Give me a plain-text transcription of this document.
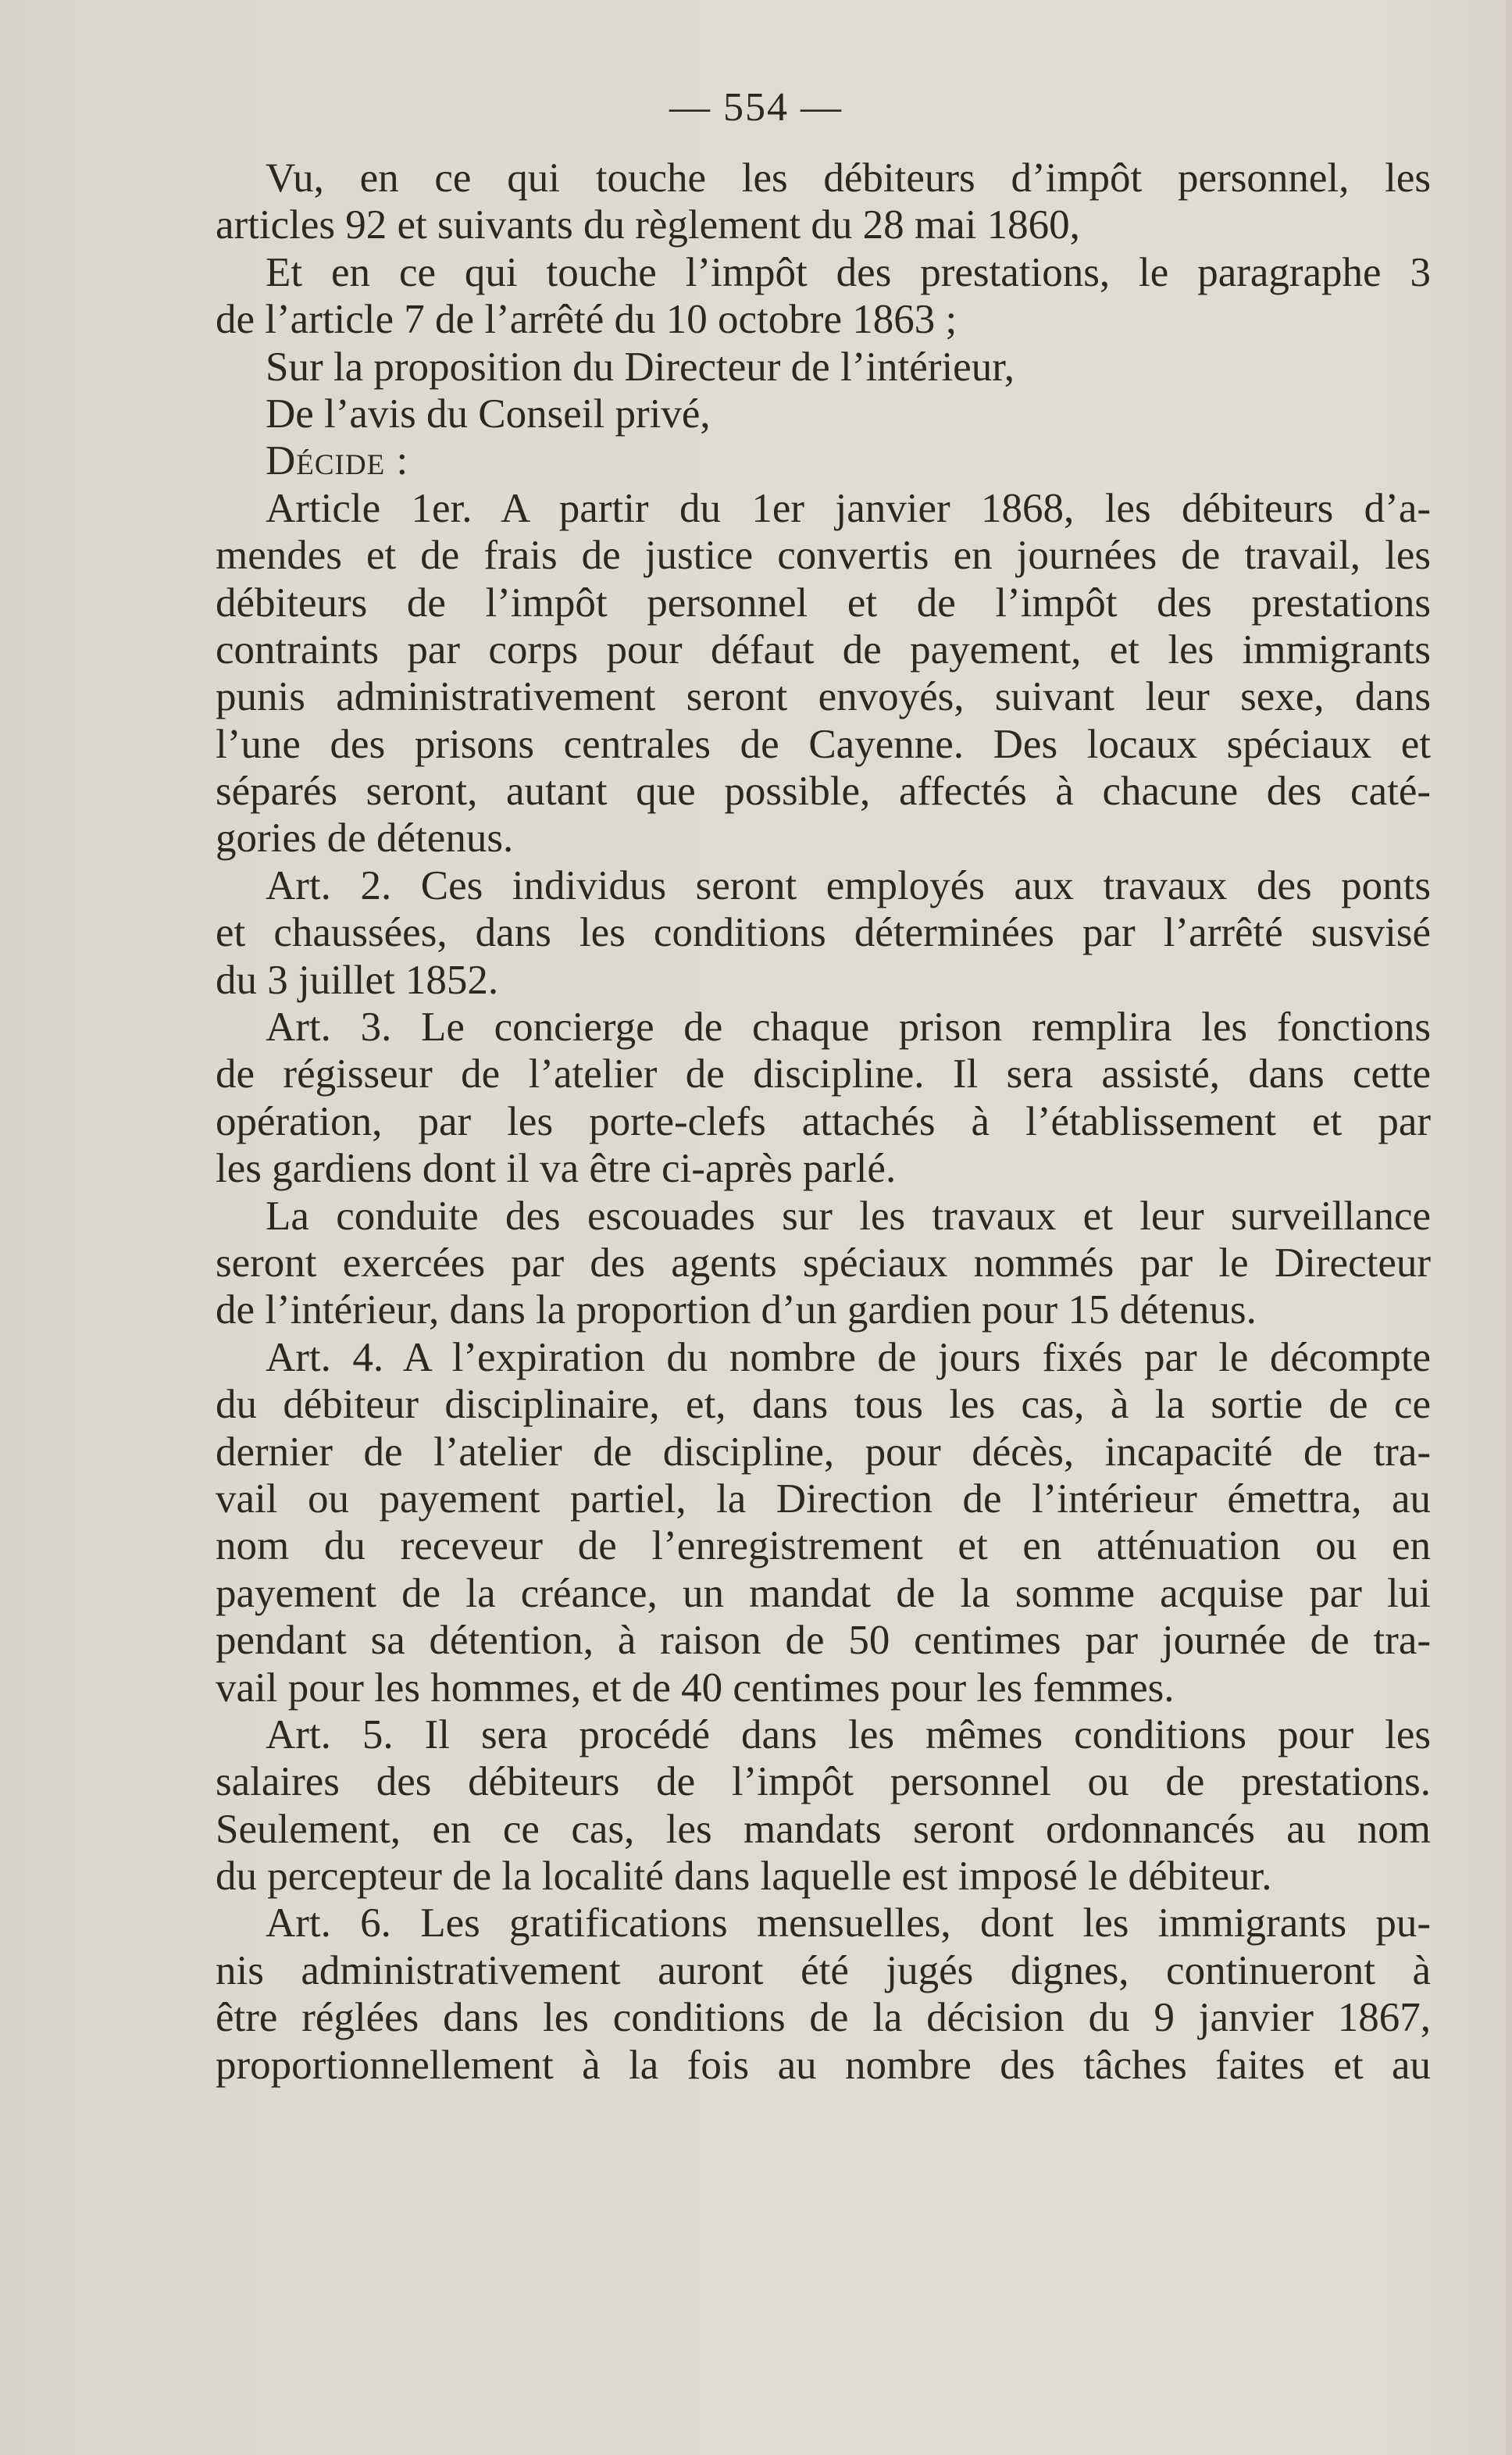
— 554 —
Vu, en ce qui touche les débiteurs d’impôt personnel, les
articles 92 et suivants du règlement du 28 mai 1860,
Et en ce qui touche l’impôt des prestations, le paragraphe 3
de l’article 7 de l’arrêté du 10 octobre 1863 ;
Sur la proposition du Directeur de l’intérieur,
De l’avis du Conseil privé,
Décide :
Article 1er. A partir du 1er janvier 1868, les débiteurs d’a-
mendes et de frais de justice convertis en journées de travail, les
débiteurs de l’impôt personnel et de l’impôt des prestations
contraints par corps pour défaut de payement, et les immigrants
punis administrativement seront envoyés, suivant leur sexe, dans
l’une des prisons centrales de Cayenne. Des locaux spéciaux et
séparés seront, autant que possible, affectés à chacune des caté-
gories de détenus.
Art. 2. Ces individus seront employés aux travaux des ponts
et chaussées, dans les conditions déterminées par l’arrêté susvisé
du 3 juillet 1852.
Art. 3. Le concierge de chaque prison remplira les fonctions
de régisseur de l’atelier de discipline. Il sera assisté, dans cette
opération, par les porte-clefs attachés à l’établissement et par
les gardiens dont il va être ci-après parlé.
La conduite des escouades sur les travaux et leur surveillance
seront exercées par des agents spéciaux nommés par le Directeur
de l’intérieur, dans la proportion d’un gardien pour 15 détenus.
Art. 4. A l’expiration du nombre de jours fixés par le décompte
du débiteur disciplinaire, et, dans tous les cas, à la sortie de ce
dernier de l’atelier de discipline, pour décès, incapacité de tra-
vail ou payement partiel, la Direction de l’intérieur émettra, au
nom du receveur de l’enregistrement et en atténuation ou en
payement de la créance, un mandat de la somme acquise par lui
pendant sa détention, à raison de 50 centimes par journée de tra-
vail pour les hommes, et de 40 centimes pour les femmes.
Art. 5. Il sera procédé dans les mêmes conditions pour les
salaires des débiteurs de l’impôt personnel ou de prestations.
Seulement, en ce cas, les mandats seront ordonnancés au nom
du percepteur de la localité dans laquelle est imposé le débiteur.
Art. 6. Les gratifications mensuelles, dont les immigrants pu-
nis administrativement auront été jugés dignes, continueront à
être réglées dans les conditions de la décision du 9 janvier 1867,
proportionnellement à la fois au nombre des tâches faites et au
